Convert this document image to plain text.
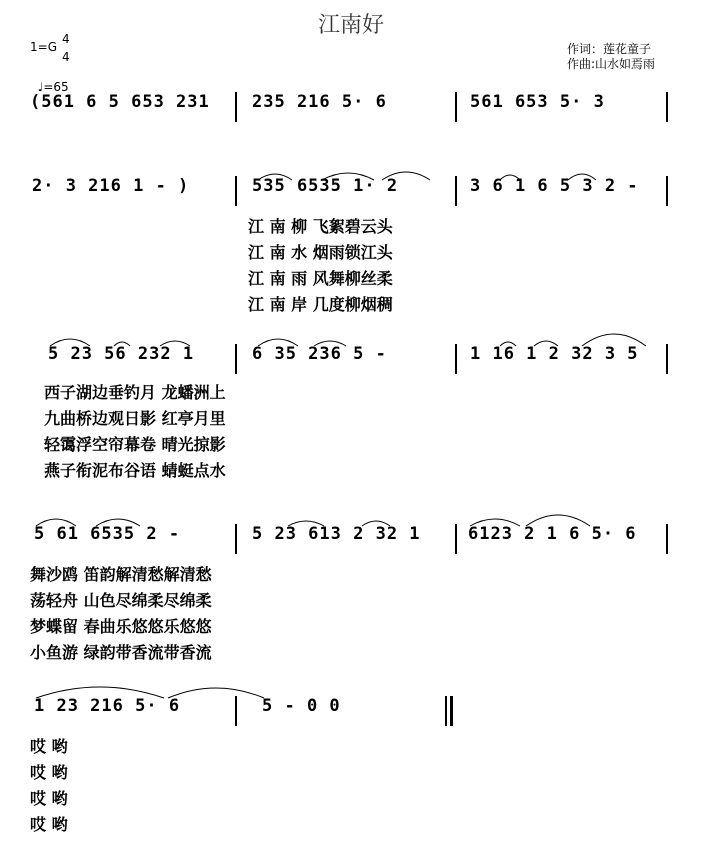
江南好
1=G
4
4

♩=65

作词：莲花童子
作曲:山水如焉雨
(561 6 5 653 231 235 216 5· 6	561 653 5· 3
2· 3 216 1 - )	535 6535 1· 2	3 6 1 6 5 3 2 -
江 南 柳 飞絮碧云头
江 南 水 烟雨锁江头
江 南 雨 风舞柳丝柔
江 南 岸 几度柳烟稠
5 23 56 232 1	6 35 236 5 -	1 16 1 2 32 3 5
西子湖边垂钓月 龙蟠洲上
九曲桥边观日影 红亭月里
轻霭浮空帘幕卷 晴光掠影
燕子衔泥布谷语 蜻蜓点水
5 61 6535 2 -	5 23 613 2 32 1	6123 2 1 6 5· 6
舞沙鸥 笛韵解清愁解清愁
荡轻舟 山色尽绵柔尽绵柔
梦蝶留 春曲乐悠悠乐悠悠
小鱼游 绿韵带香流带香流
1 23 216 5· 6	5 - 0 0
哎 哟
哎 哟
哎 哟
哎 哟
